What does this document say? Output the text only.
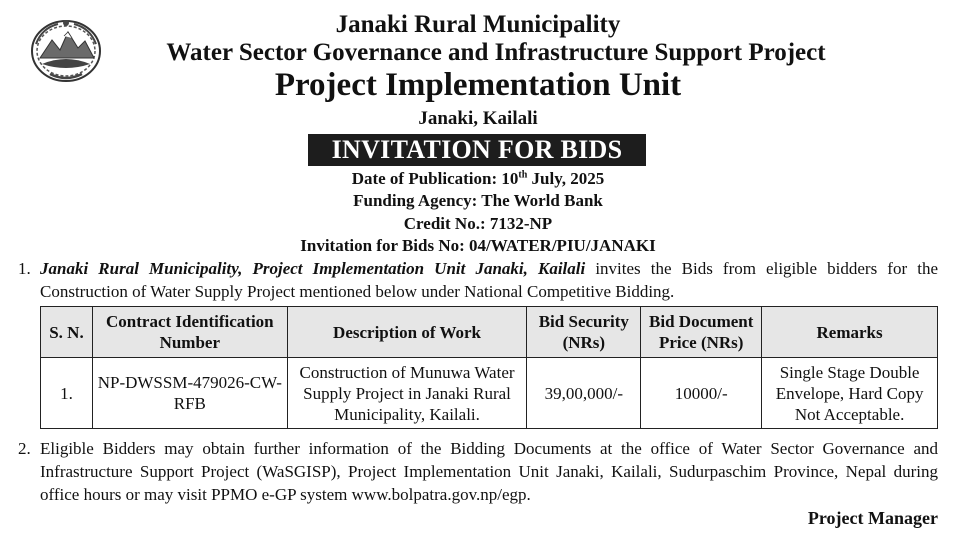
Janaki Rural Municipality
Water Sector Governance and Infrastructure Support Project
Project Implementation Unit
Janaki, Kailali
INVITATION FOR BIDS
Date of Publication: 10th July, 2025
Funding Agency: The World Bank
Credit No.: 7132-NP
Invitation for Bids No: 04/WATER/PIU/JANAKI
1. Janaki Rural Municipality, Project Implementation Unit Janaki, Kailali invites the Bids from eligible bidders for the Construction of Water Supply Project mentioned below under National Competitive Bidding.
S. N.	Contract Identification Number	Description of Work	Bid Security (NRs)	Bid Document Price (NRs)	Remarks
1.	NP-DWSSM-479026-CW-RFB	Construction of Munuwa Water Supply Project in Janaki Rural Municipality, Kailali.	39,00,000/-	10000/-	Single Stage Double Envelope, Hard Copy Not Acceptable.
2. Eligible Bidders may obtain further information of the Bidding Documents at the office of Water Sector Governance and Infrastructure Support Project (WaSGISP), Project Implementation Unit Janaki, Kailali, Sudurpaschim Province, Nepal during office hours or may visit PPMO e-GP system www.bolpatra.gov.np/egp.
Project Manager
